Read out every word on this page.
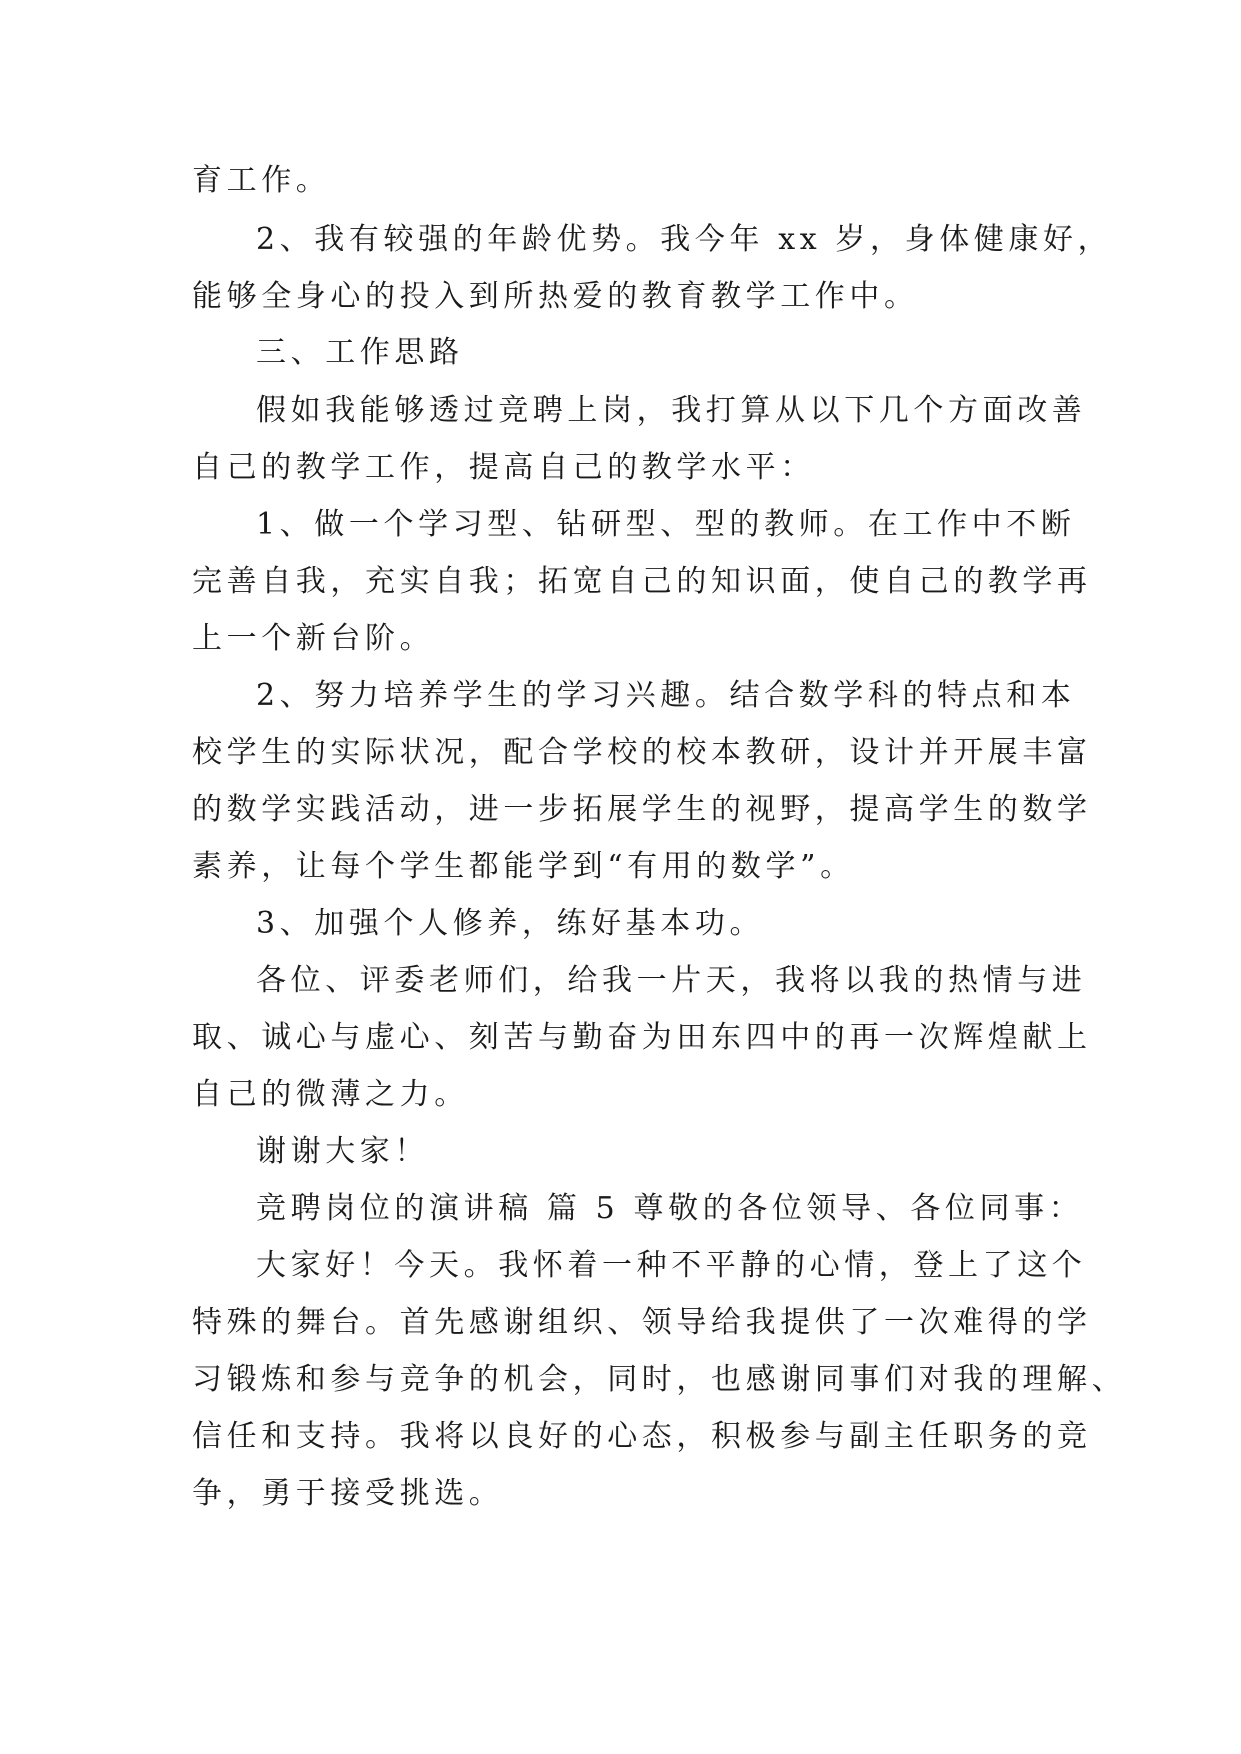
育工作。
2、我有较强的年龄优势。我今年 xx 岁，身体健康好，
能够全身心的投入到所热爱的教育教学工作中。
三、工作思路
假如我能够透过竞聘上岗，我打算从以下几个方面改善
自己的教学工作，提高自己的教学水平：
1、做一个学习型、钻研型、型的教师。在工作中不断
完善自我，充实自我；拓宽自己的知识面，使自己的教学再
上一个新台阶。
2、努力培养学生的学习兴趣。结合数学科的特点和本
校学生的实际状况，配合学校的校本教研，设计并开展丰富
的数学实践活动，进一步拓展学生的视野，提高学生的数学
素养，让每个学生都能学到“有用的数学”。
3、加强个人修养，练好基本功。
各位、评委老师们，给我一片天，我将以我的热情与进
取、诚心与虚心、刻苦与勤奋为田东四中的再一次辉煌献上
自己的微薄之力。
谢谢大家！
竞聘岗位的演讲稿 篇 5 尊敬的各位领导、各位同事：
大家好！今天。我怀着一种不平静的心情，登上了这个
特殊的舞台。首先感谢组织、领导给我提供了一次难得的学
习锻炼和参与竞争的机会，同时，也感谢同事们对我的理解、
信任和支持。我将以良好的心态，积极参与副主任职务的竞
争，勇于接受挑选。
